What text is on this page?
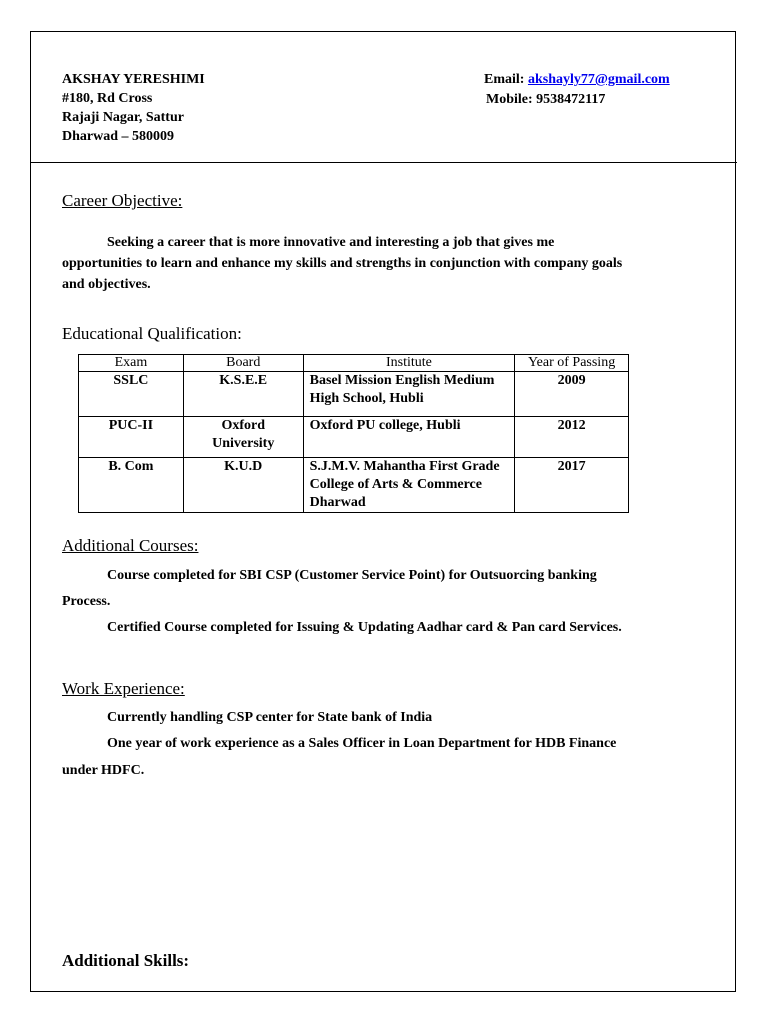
AKSHAY YERESHIMI
#180, Rd Cross
Rajaji Nagar, Sattur
Dharwad – 580009
Email: akshayly77@gmail.com
Mobile: 9538472117
Career Objective:
Seeking a career that is more innovative and interesting a job that gives me
opportunities to learn and enhance my skills and strengths in conjunction with company goals
and objectives.
Educational Qualification:
Exam	Board	Institute	Year of Passing
SSLC	K.S.E.E	Basel Mission English Medium High School, Hubli	2009
PUC-II	Oxford University	Oxford PU college, Hubli	2012
B. Com	K.U.D	S.J.M.V. Mahantha First Grade College of Arts & Commerce Dharwad	2017
Additional Courses:
Course completed for SBI CSP (Customer Service Point) for Outsuorcing banking
Process.
Certified Course completed for Issuing & Updating Aadhar card & Pan card Services.
Work Experience:
Currently handling CSP center for State bank of India
One year of work experience as a Sales Officer in Loan Department for HDB Finance
under HDFC.
Additional Skills:
